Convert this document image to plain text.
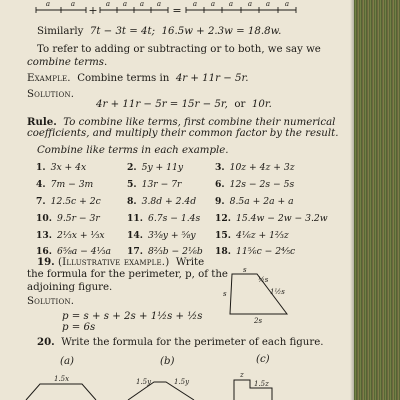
a	a	a a a a	a a a a a a
+	=
Similarly 7t − 3t = 4t; 16.5w + 2.3w = 18.8w.
To refer to adding or subtracting or to both, we say we
combine terms.
Example. Combine terms in 4r + 11r − 5r.
Solution.
4r + 11r − 5r = 15r − 5r, or 10r.
Rule. To combine like terms, first combine their numerical
coefficients, and multiply their common factor by the result.
Combine like terms in each example.
1. 3x + 4x	2. 5y + 11y	3. 10z + 4z + 3z
4. 7m − 3m	5. 13r − 7r	6. 12s − 2s − 5s
7. 12.5c + 2c	8. 3.8d + 2.4d 9. 8.5a + 2a + a
10. 9.5r − 3r	11. 6.7s − 1.4s 12. 15.4w − 2w − 3.2w
13. 2⅓x + ⅓x 14. 3⅜y + ⅝y 15. 4⅙z + 1⅔z
16. 6⅝a − 4⅓a 17. 8⅔b − 2⅙b 18. 11⅚c − 2⅘c
19. (Illustrative example.) Write
the formula for the perimeter, p, of the
adjoining figure.
Solution.
p = s + s + 2s + 1½s + ½s
p = 6s
s
s
½s
1½s
2s
20. Write the formula for the perimeter of each figure.
(a)	(b)	(c)
1.5x	1.5y	1.5y
z
1.5z
